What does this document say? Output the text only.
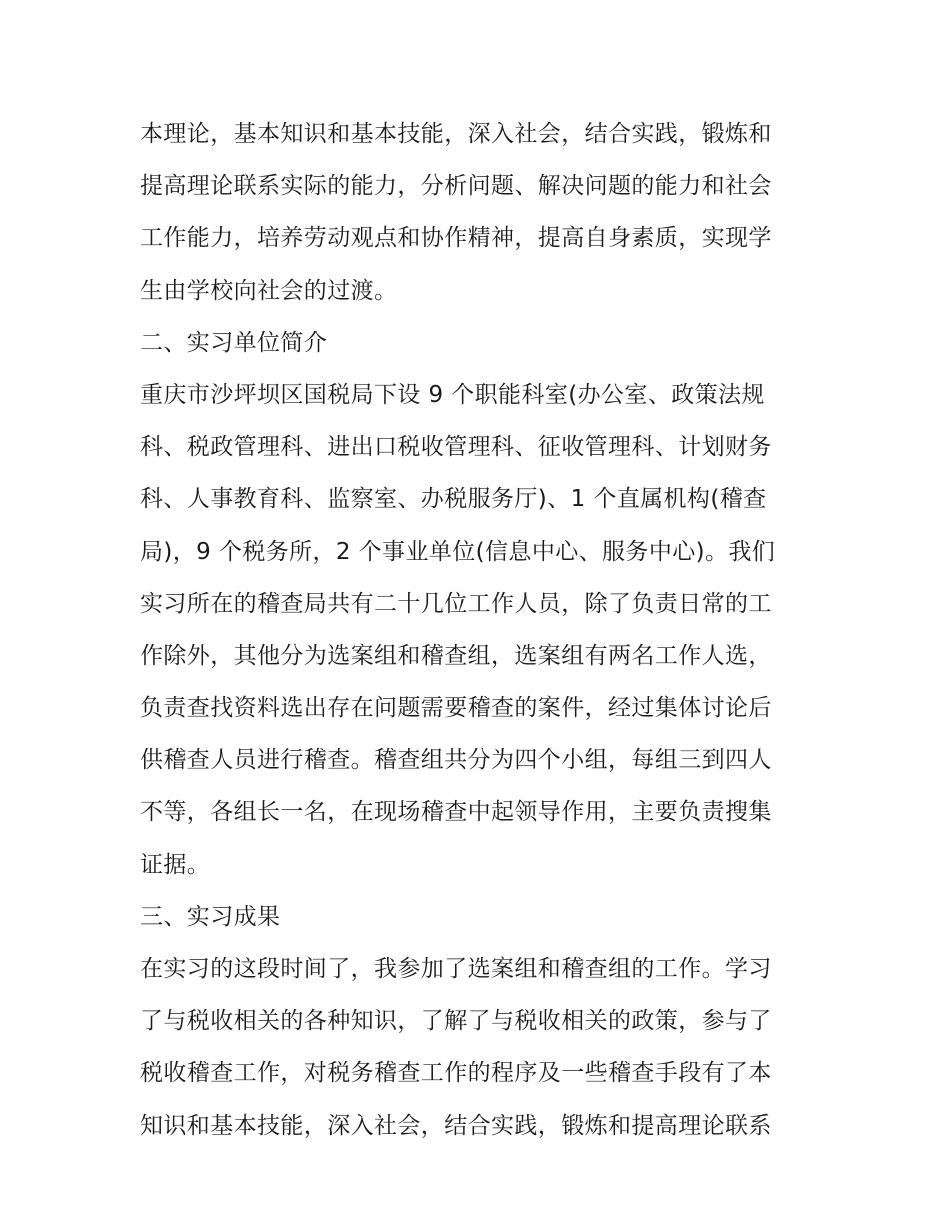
本理论，基本知识和基本技能，深入社会，结合实践，锻炼和
提高理论联系实际的能力，分析问题、解决问题的能力和社会
工作能力，培养劳动观点和协作精神，提高自身素质，实现学
生由学校向社会的过渡。
二、实习单位简介
重庆市沙坪坝区国税局下设 9 个职能科室(办公室、政策法规
科、税政管理科、进出口税收管理科、征收管理科、计划财务
科、人事教育科、监察室、办税服务厅)、1 个直属机构(稽查
局)，9 个税务所，2 个事业单位(信息中心、服务中心)。我们
实习所在的稽查局共有二十几位工作人员，除了负责日常的工
作除外，其他分为选案组和稽查组，选案组有两名工作人选，
负责查找资料选出存在问题需要稽查的案件，经过集体讨论后
供稽查人员进行稽查。稽查组共分为四个小组，每组三到四人
不等，各组长一名，在现场稽查中起领导作用，主要负责搜集
证据。
三、实习成果
在实习的这段时间了，我参加了选案组和稽查组的工作。学习
了与税收相关的各种知识，了解了与税收相关的政策，参与了
税收稽查工作，对税务稽查工作的程序及一些稽查手段有了本
知识和基本技能，深入社会，结合实践，锻炼和提高理论联系
